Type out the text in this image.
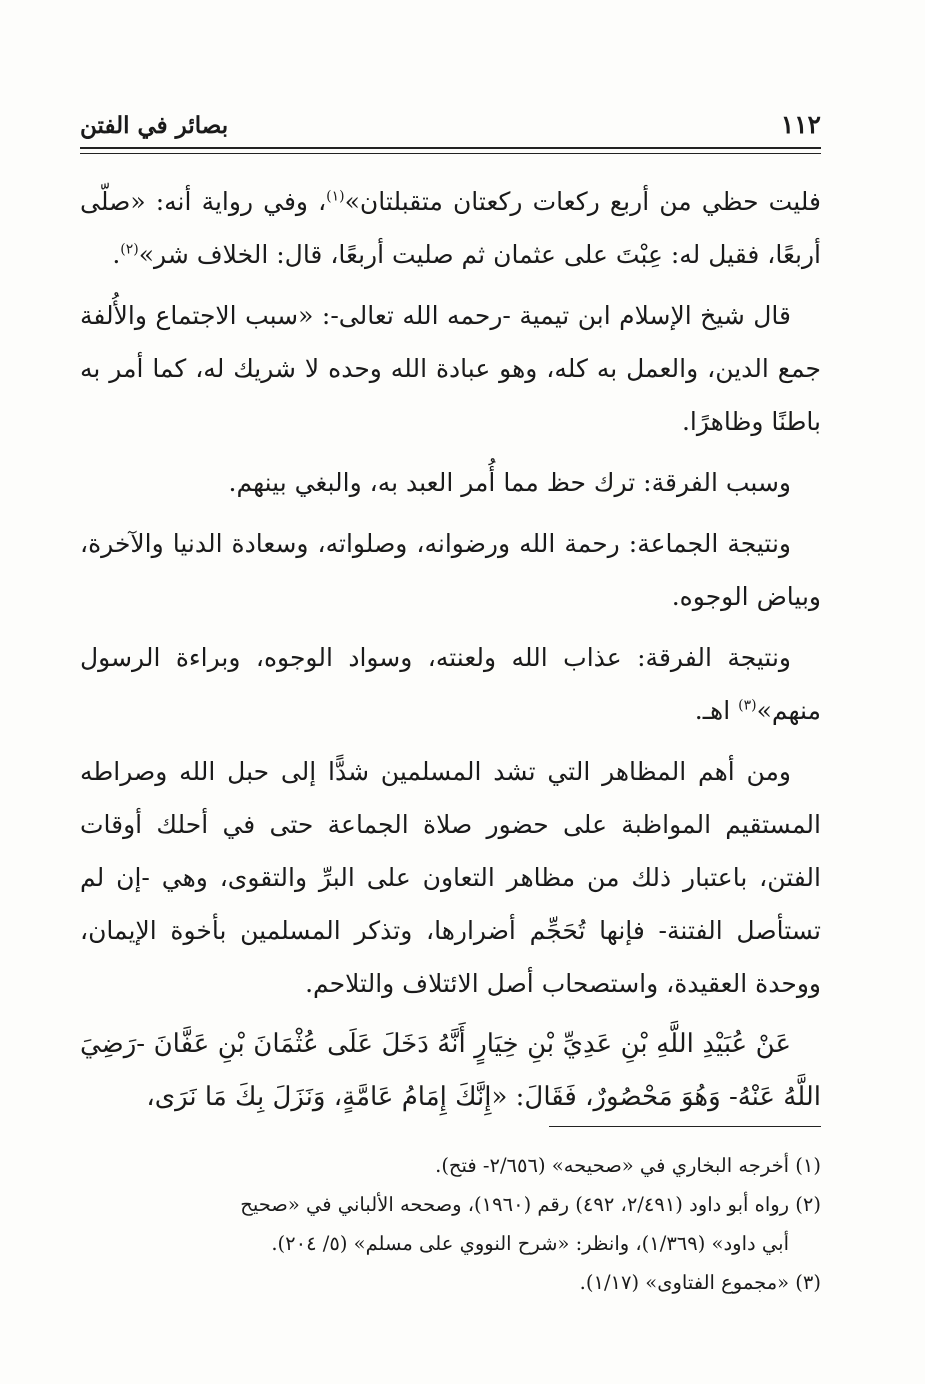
١١٢
بصائر في الفتن

فليت حظي من أربع ركعات ركعتان متقبلتان»$^{(١)}$، وفي رواية أنه: «صلّى أربعًا، فقيل له: عِبْتَ على عثمان ثم صليت أربعًا، قال: الخلاف شر»$^{(٢)}$.

قال شيخ الإسلام ابن تيمية -رحمه الله تعالى-: «سبب الاجتماع والأُلفة جمع الدين، والعمل به كله، وهو عبادة الله وحده لا شريك له، كما أمر به باطنًا وظاهرًا.

وسبب الفرقة: ترك حظ مما أُمر العبد به، والبغي بينهم.

ونتيجة الجماعة: رحمة الله ورضوانه، وصلواته، وسعادة الدنيا والآخرة، وبياض الوجوه.

ونتيجة الفرقة: عذاب الله ولعنته، وسواد الوجوه، وبراءة الرسول منهم»$^{(٣)}$ اهـ.

ومن أهم المظاهر التي تشد المسلمين شدًّا إلى حبل الله وصراطه المستقيم المواظبة على حضور صلاة الجماعة حتى في أحلك أوقات الفتن، باعتبار ذلك من مظاهر التعاون على البرِّ والتقوى، وهي -إن لم تستأصل الفتنة- فإنها تُحَجِّم أضرارها، وتذكر المسلمين بأخوة الإيمان، ووحدة العقيدة، واستصحاب أصل الائتلاف والتلاحم.

عَنْ عُبَيْدِ اللَّهِ بْنِ عَدِيِّ بْنِ خِيَارٍ أَنَّهُ دَخَلَ عَلَى عُثْمَانَ بْنِ عَفَّانَ -رَضِيَ اللَّهُ عَنْهُ- وَهُوَ مَحْصُورٌ، فَقَالَ: «إِنَّكَ إِمَامُ عَامَّةٍ، وَنَزَلَ بِكَ مَا نَرَى،

(١) أخرجه البخاري في «صحيحه» (٢/٦٥٦- فتح).

(٢) رواه أبو داود (٢/٤٩١، ٤٩٢) رقم (١٩٦٠)، وصححه الألباني في «صحيح

أبي داود» (١/٣٦٩)، وانظر: «شرح النووي على مسلم» (٥/ ٢٠٤).

(٣) «مجموع الفتاوى» (١/١٧).
